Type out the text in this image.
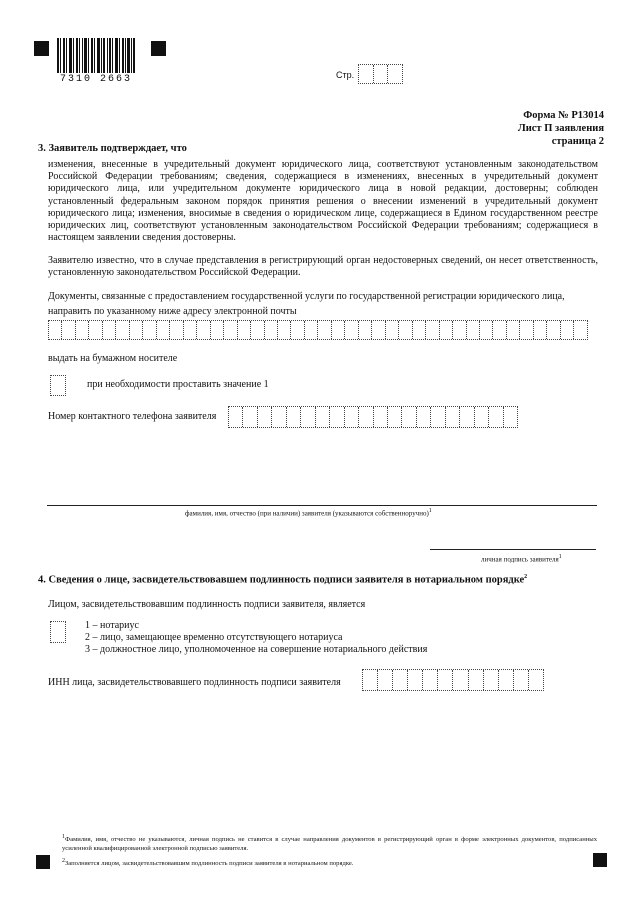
7310 2663	Стр.
Форма № Р13014
Лист П заявления
страница 2
3. Заявитель подтверждает, что
изменения, внесенные в учредительный документ юридического лица, соответствуют установленным законодательством Российской Федерации требованиям; сведения, содержащиеся в изменениях, внесенных в учредительный документ юридического лица, или учредительном документе юридического лица в новой редакции, достоверны; соблюден установленный федеральным законом порядок принятия решения о внесении изменений в учредительный документ юридического лица; изменения, вносимые в сведения о юридическом лице, содержащиеся в Едином государственном реестре юридических лиц, соответствуют установленным законодательством Российской Федерации требованиям; содержащиеся в настоящем заявлении сведения достоверны.
Заявителю известно, что в случае представления в регистрирующий орган недостоверных сведений, он несет ответственность, установленную законодательством Российской Федерации.
Документы, связанные с предоставлением государственной услуги по государственной регистрации юридического лица,
направить по указанному ниже адресу электронной почты
выдать на бумажном носителе
при необходимости проставить значение 1
Номер контактного телефона заявителя
фамилия, имя, отчество (при наличии) заявителя (указываются собственноручно)$^1$
личная подпись заявителя$^1$
4. Сведения о лице, засвидетельствовавшем подлинность подписи заявителя в нотариальном порядке$^2$
Лицом, засвидетельствовавшим подлинность подписи заявителя, является
1 – нотариус
2 – лицо, замещающее временно отсутствующего нотариуса
3 – должностное лицо, уполномоченное на совершение нотариального действия
ИНН лица, засвидетельствовавшего подлинность подписи заявителя
$^1$Фамилия, имя, отчество не указываются, личная подпись не ставится в случае направления документов в регистрирующий орган в форме электронных документов, подписанных усиленной квалифицированной электронной подписью заявителя.
$^2$Заполняется лицом, засвидетельствовавшим подлинность подписи заявителя в нотариальном порядке.
